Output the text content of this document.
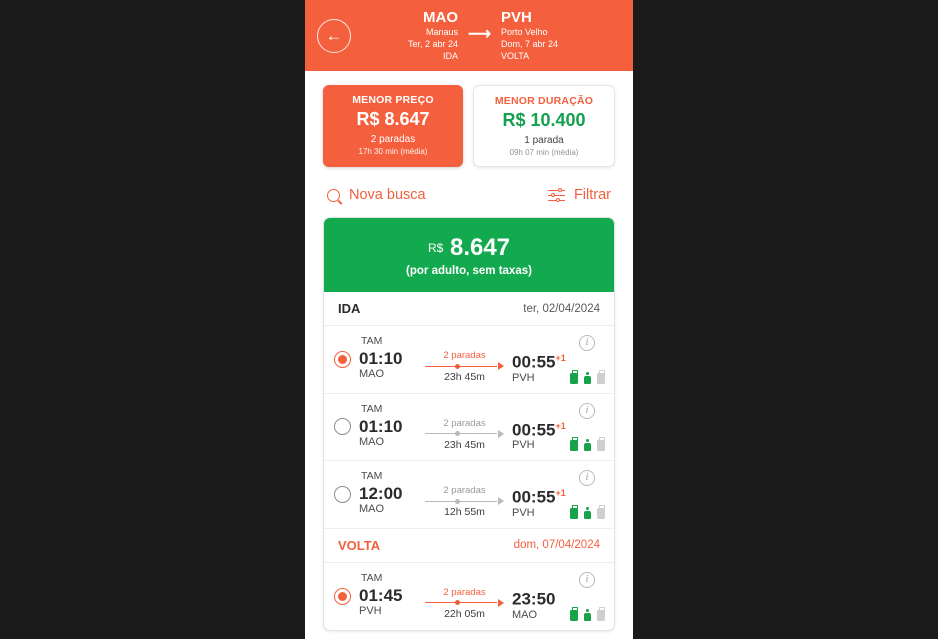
←
MAO
Manaus
Ter, 2 abr 24
IDA
⟶
PVH
Porto Velho
Dom, 7 abr 24
VOLTA
MENOR PREÇO
R$ 8.647
2 paradas
17h 30 min (média)
MENOR DURAÇÃO
R$ 10.400
1 parada
09h 07 min (média)
Nova busca	Filtrar
R$ 8.647
(por adulto, sem taxas)
IDA	ter, 02/04/2024
TAM
01:10
MAO
2 paradas
23h 45m
$00:55^{+1}$
PVH
i
TAM
01:10
MAO
2 paradas
23h 45m
$00:55^{+1}$
PVH
i
TAM
12:00
MAO
2 paradas
12h 55m
$00:55^{+1}$
PVH
i
VOLTA	dom, 07/04/2024
TAM
01:45
PVH
2 paradas
22h 05m
23:50
MAO
i
